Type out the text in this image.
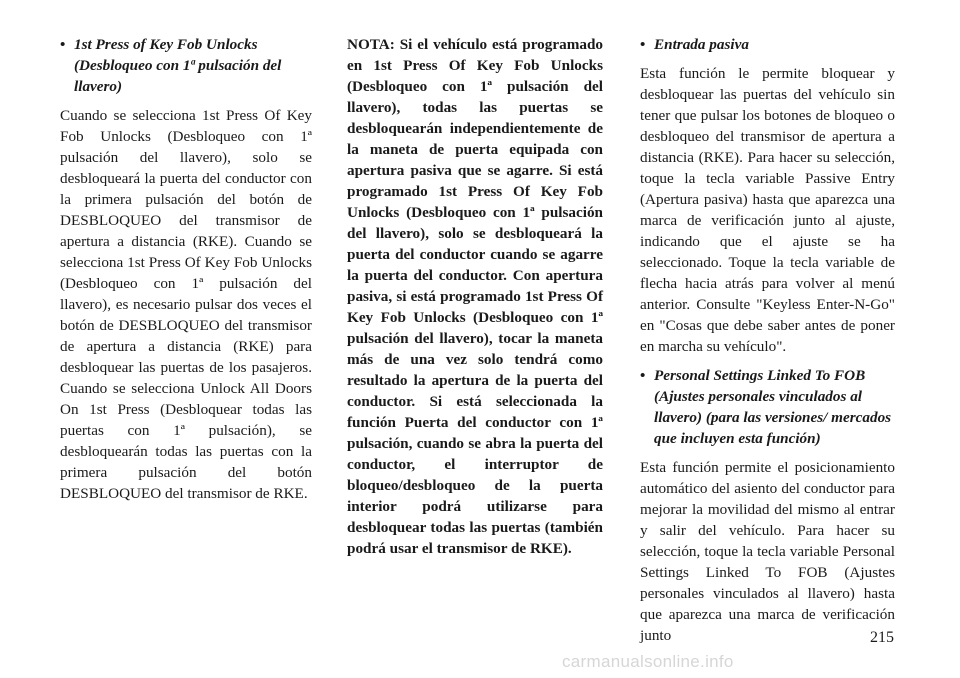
• 1st Press of Key Fob Unlocks (Desbloqueo con 1ª pulsación del llavero)

Cuando se selecciona 1st Press Of Key Fob Unlocks (Desbloqueo con 1ª pulsación del llavero), solo se desbloqueará la puerta del conductor con la primera pulsación del botón de DESBLOQUEO del transmisor de apertura a distancia (RKE). Cuando se selecciona 1st Press Of Key Fob Unlocks (Desbloqueo con 1ª pulsación del llavero), es necesario pulsar dos veces el botón de DESBLOQUEO del transmisor de apertura a distancia (RKE) para desbloquear las puertas de los pasajeros. Cuando se selecciona Unlock All Doors On 1st Press (Desbloquear todas las puertas con 1ª pulsación), se desbloquearán todas las puertas con la primera pulsación del botón DESBLOQUEO del transmisor de RKE.

NOTA: Si el vehículo está programado en 1st Press Of Key Fob Unlocks (Desbloqueo con 1ª pulsación del llavero), todas las puertas se desbloquearán independientemente de la maneta de puerta equipada con apertura pasiva que se agarre. Si está programado 1st Press Of Key Fob Unlocks (Desbloqueo con 1ª pulsación del llavero), solo se desbloqueará la puerta del conductor cuando se agarre la puerta del conductor. Con apertura pasiva, si está programado 1st Press Of Key Fob Unlocks (Desbloqueo con 1ª pulsación del llavero), tocar la maneta más de una vez solo tendrá como resultado la apertura de la puerta del conductor. Si está seleccionada la función Puerta del conductor con 1ª pulsación, cuando se abra la puerta del conductor, el interruptor de bloqueo/desbloqueo de la puerta interior podrá utilizarse para desbloquear todas las puertas (también podrá usar el transmisor de RKE).

• Entrada pasiva

Esta función le permite bloquear y desbloquear las puertas del vehículo sin tener que pulsar los botones de bloqueo o desbloqueo del transmisor de apertura a distancia (RKE). Para hacer su selección, toque la tecla variable Passive Entry (Apertura pasiva) hasta que aparezca una marca de verificación junto al ajuste, indicando que el ajuste se ha seleccionado. Toque la tecla variable de flecha hacia atrás para volver al menú anterior. Consulte "Keyless Enter-N-Go" en "Cosas que debe saber antes de poner en marcha su vehículo".

• Personal Settings Linked To FOB (Ajustes personales vinculados al llavero) (para las versiones/ mercados que incluyen esta función)

Esta función permite el posicionamiento automático del asiento del conductor para mejorar la movilidad del mismo al entrar y salir del vehículo. Para hacer su selección, toque la tecla variable Personal Settings Linked To FOB (Ajustes personales vinculados al llavero) hasta que aparezca una marca de verificación junto	215
carmanualsonline.info
